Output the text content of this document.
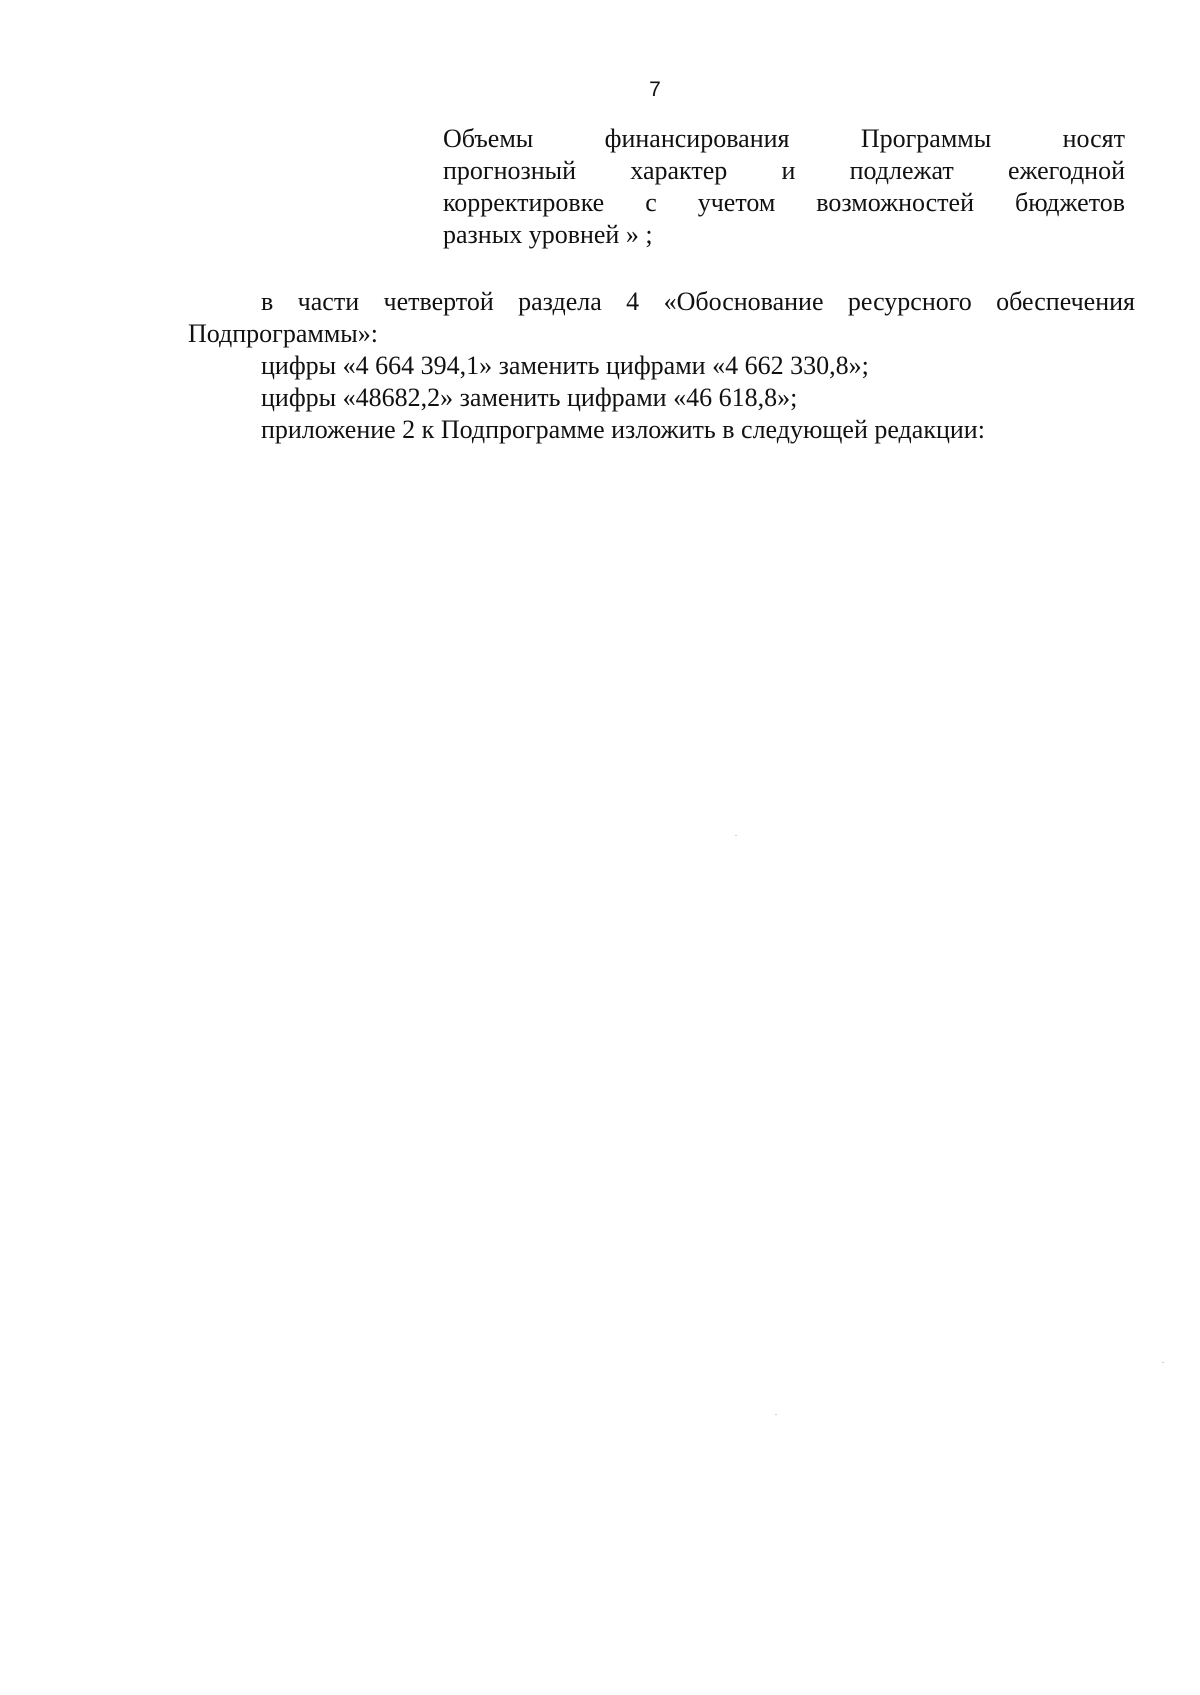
7
Объемы финансирования Программы носят
прогнозный характер и подлежат ежегодной
корректировке с учетом возможностей бюджетов
разных уровней » ;

в части четвертой раздела 4 «Обоснование ресурсного обеспечения Подпрограммы»:

цифры «4 664 394,1» заменить цифрами «4 662 330,8»;

цифры «48682,2» заменить цифрами «46 618,8»;

приложение 2 к Подпрограмме изложить в следующей редакции:
